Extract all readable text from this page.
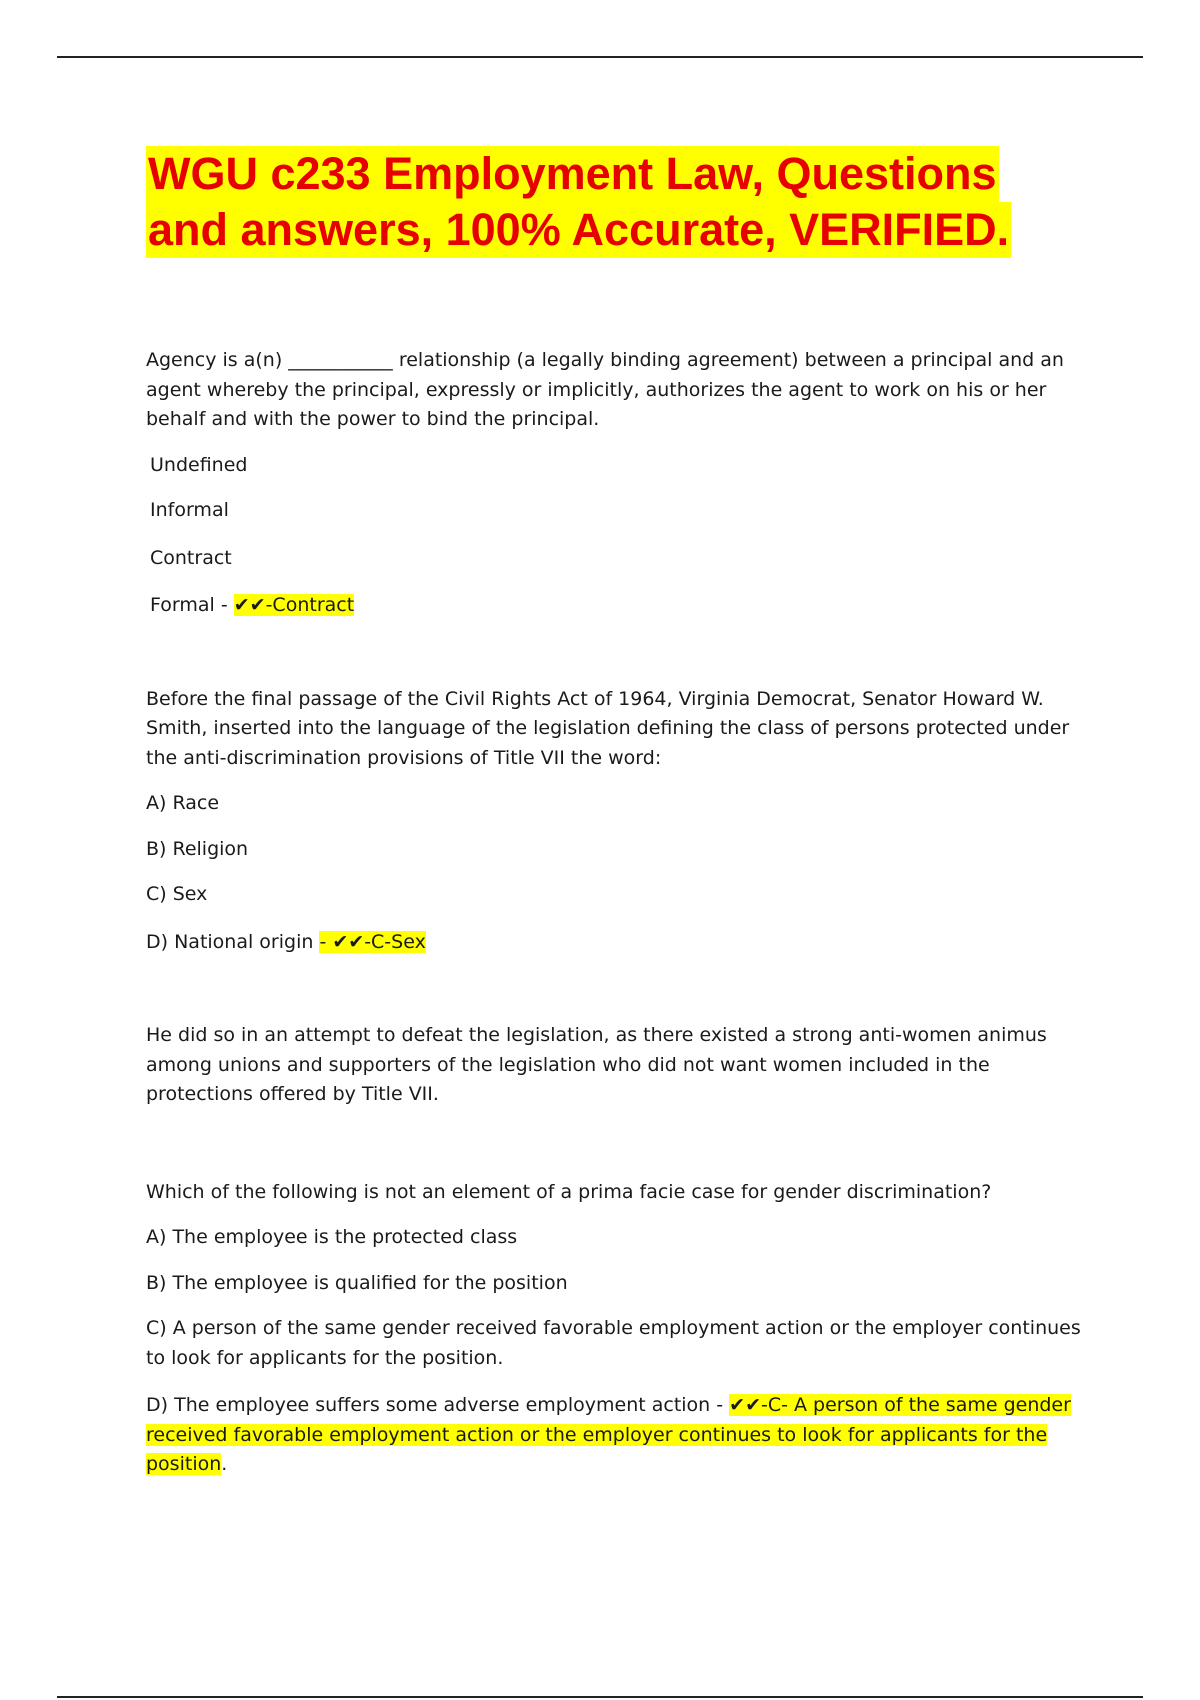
WGU c233 Employment Law, Questions
and answers, 100% Accurate, VERIFIED.

Agency is a(n) ___________ relationship (a legally binding agreement) between a principal and an agent whereby the principal, expressly or implicitly, authorizes the agent to work on his or her behalf and with the power to bind the principal.

Undefined

Informal

Contract

Formal - ✔✔-Contract

Before the final passage of the Civil Rights Act of 1964, Virginia Democrat, Senator Howard W. Smith, inserted into the language of the legislation defining the class of persons protected under the anti-discrimination provisions of Title VII the word:

A) Race

B) Religion

C) Sex

D) National origin - ✔✔-C-Sex

He did so in an attempt to defeat the legislation, as there existed a strong anti-women animus among unions and supporters of the legislation who did not want women included in the protections offered by Title VII.

Which of the following is not an element of a prima facie case for gender discrimination?

A) The employee is the protected class

B) The employee is qualified for the position

C) A person of the same gender received favorable employment action or the employer continues to look for applicants for the position.

D) The employee suffers some adverse employment action - ✔✔-C- A person of the same gender received favorable employment action or the employer continues to look for applicants for the position.
